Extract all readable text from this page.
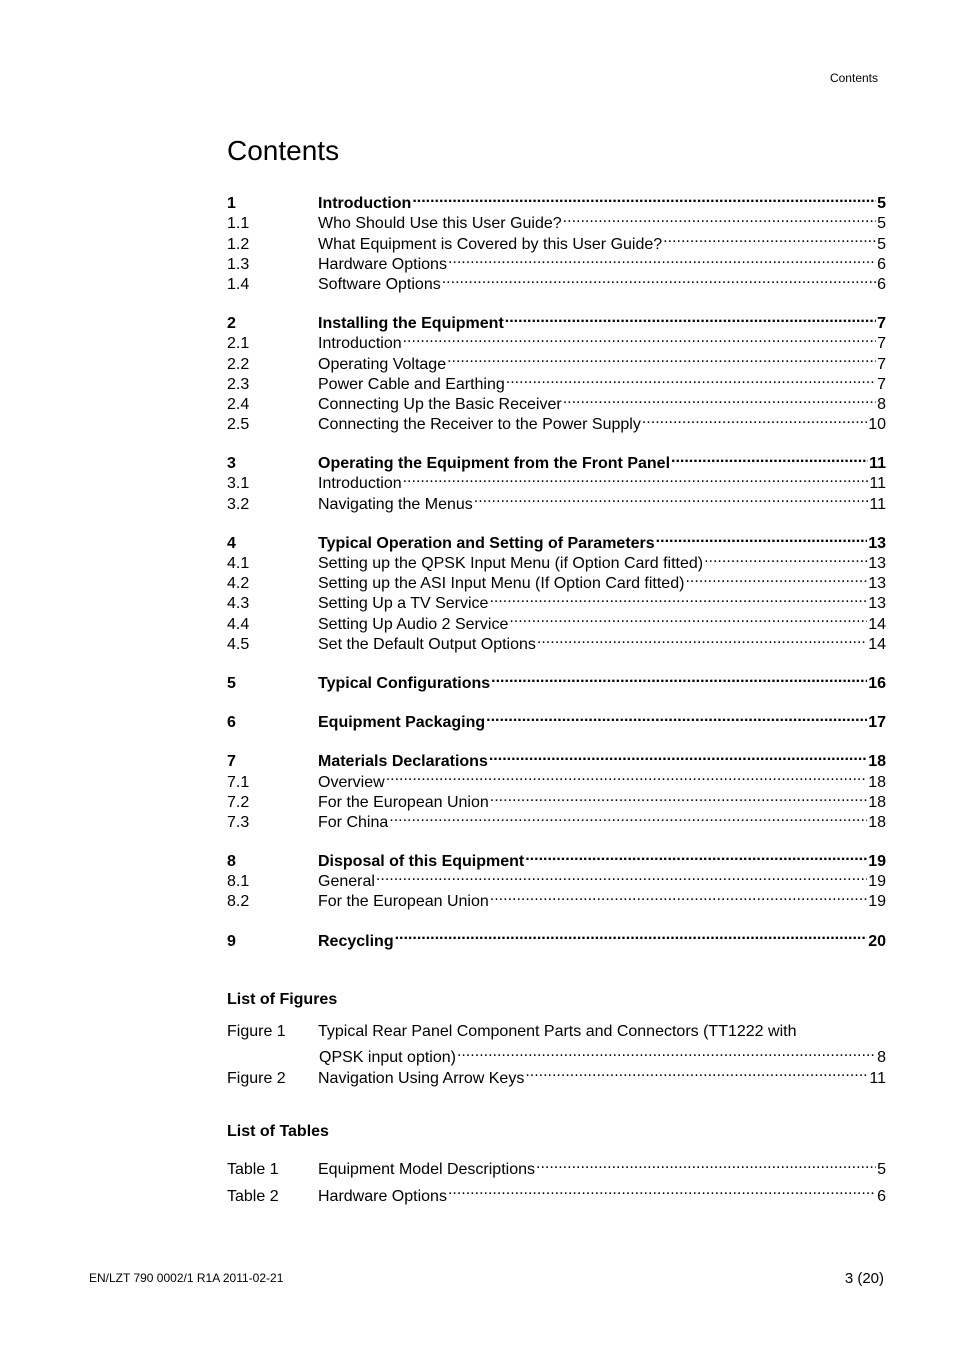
Contents
Contents
1	Introduction .....	5
1.1	Who Should Use this User Guide? .....	5
1.2	What Equipment is Covered by this User Guide? .....	5
1.3	Hardware Options .....	6
1.4	Software Options .....	6
2	Installing the Equipment .....	7
2.1	Introduction .....	7
2.2	Operating Voltage .....	7
2.3	Power Cable and Earthing .....	7
2.4	Connecting Up the Basic Receiver .....	8
2.5	Connecting the Receiver to the Power Supply .....	10
3	Operating the Equipment from the Front Panel .....	11
3.1	Introduction .....	11
3.2	Navigating the Menus .....	11
4	Typical Operation and Setting of Parameters .....	13
4.1	Setting up the QPSK Input Menu (if Option Card fitted) .....	13
4.2	Setting up the ASI Input Menu (If Option Card fitted) .....	13
4.3	Setting Up a TV Service .....	13
4.4	Setting Up Audio 2 Service .....	14
4.5	Set the Default Output Options .....	14
5	Typical Configurations .....	16
6	Equipment Packaging .....	17
7	Materials Declarations .....	18
7.1	Overview .....	18
7.2	For the European Union .....	18
7.3	For China .....	18
8	Disposal of this Equipment .....	19
8.1	General .....	19
8.2	For the European Union .....	19
9	Recycling .....	20
List of Figures
Figure 1	Typical Rear Panel Component Parts and Connectors (TT1222 with
QPSK input option) .....	8
Figure 2	Navigation Using Arrow Keys .....	11
List of Tables
Table 1	Equipment Model Descriptions .....	5
Table 2	Hardware Options .....	6
EN/LZT 790 0002/1 R1A 2011-02-21	3 (20)
